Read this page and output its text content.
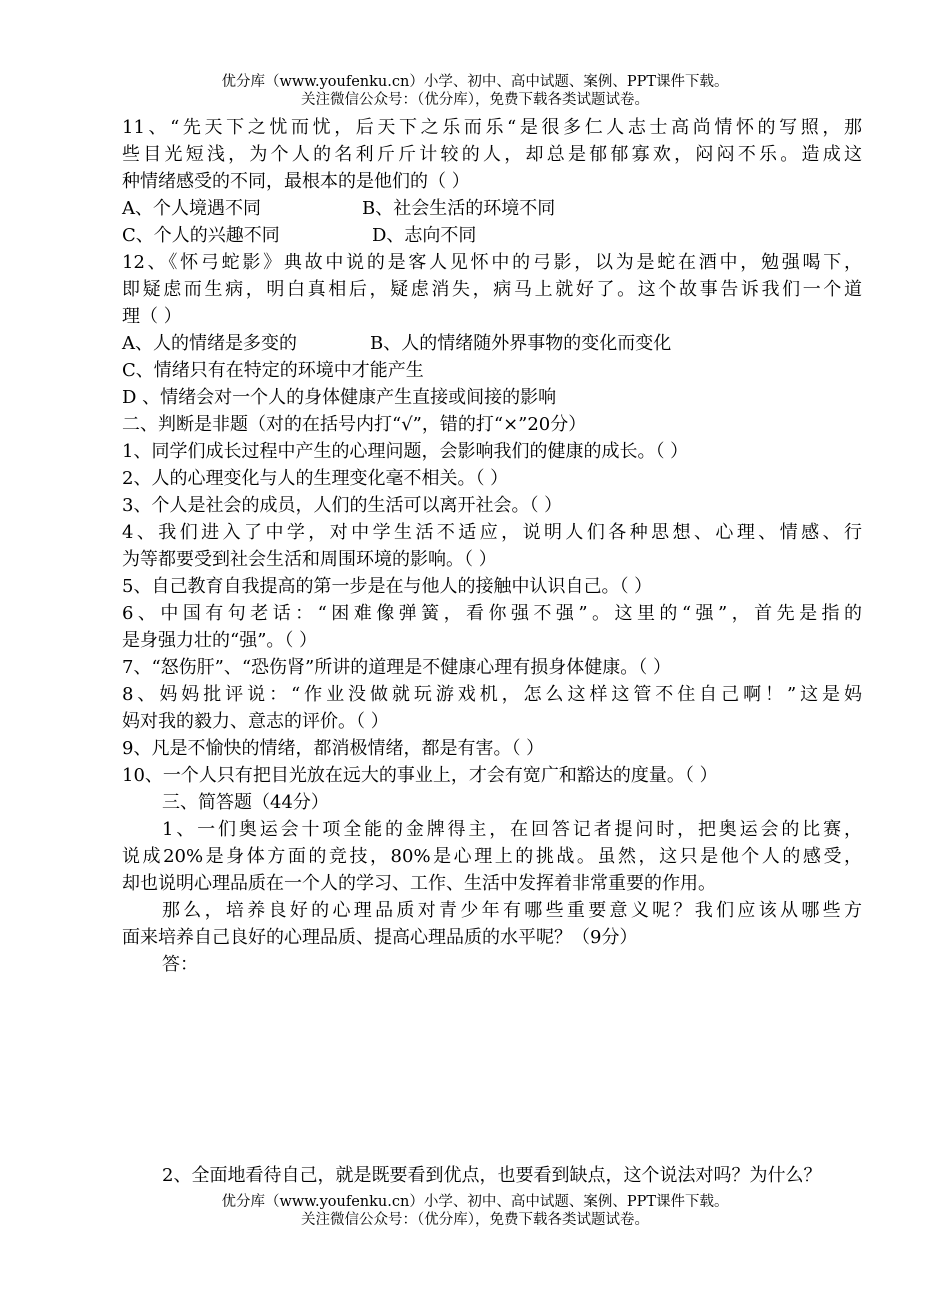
优分库（www.youfenku.cn）小学、初中、高中试题、案例、PPT课件下载。
关注微信公众号：（优分库），免费下载各类试题试卷。
11、“先天下之忧而忧，后天下之乐而乐“是很多仁人志士高尚情怀的写照，那
些目光短浅，为个人的名利斤斤计较的人，却总是郁郁寡欢，闷闷不乐。造成这
种情绪感受的不同，最根本的是他们的（ ）
A、个人境遇不同	B、社会生活的环境不同
C、个人的兴趣不同	D、志向不同
12、《怀弓蛇影》典故中说的是客人见怀中的弓影，以为是蛇在酒中，勉强喝下，
即疑虑而生病，明白真相后，疑虑消失，病马上就好了。这个故事告诉我们一个道
理（ ）
A、人的情绪是多变的	B、人的情绪随外界事物的变化而变化
C、情绪只有在特定的环境中才能产生
D 、情绪会对一个人的身体健康产生直接或间接的影响
二、判断是非题（对的在括号内打“√”，错的打“×”20分）
1、同学们成长过程中产生的心理问题，会影响我们的健康的成长。（ ）
2、人的心理变化与人的生理变化毫不相关。（ ）
3、个人是社会的成员，人们的生活可以离开社会。（ ）
4、我们进入了中学，对中学生活不适应，说明人们各种思想、心理、情感、行
为等都要受到社会生活和周围环境的影响。（ ）
5、自己教育自我提高的第一步是在与他人的接触中认识自己。（ ）
6、中国有句老话：“困难像弹簧，看你强不强”。这里的“强”，首先是指的
是身强力壮的“强”。（ ）
7、“怒伤肝”、“恐伤肾”所讲的道理是不健康心理有损身体健康。（ ）
8、妈妈批评说：“作业没做就玩游戏机，怎么这样这管不住自己啊！”这是妈
妈对我的毅力、意志的评价。（ ）
9、凡是不愉快的情绪，都消极情绪，都是有害。（ ）
10、一个人只有把目光放在远大的事业上，才会有宽广和豁达的度量。（ ）
三、简答题（44分）
1、一们奥运会十项全能的金牌得主，在回答记者提问时，把奥运会的比赛，
说成20%是身体方面的竞技，80%是心理上的挑战。虽然，这只是他个人的感受，
却也说明心理品质在一个人的学习、工作、生活中发挥着非常重要的作用。
那么，培养良好的心理品质对青少年有哪些重要意义呢？我们应该从哪些方
面来培养自己良好的心理品质、提高心理品质的水平呢？（9分）
答：
2、全面地看待自己，就是既要看到优点，也要看到缺点，这个说法对吗？为什么？
优分库（www.youfenku.cn）小学、初中、高中试题、案例、PPT课件下载。
关注微信公众号：（优分库），免费下载各类试题试卷。
